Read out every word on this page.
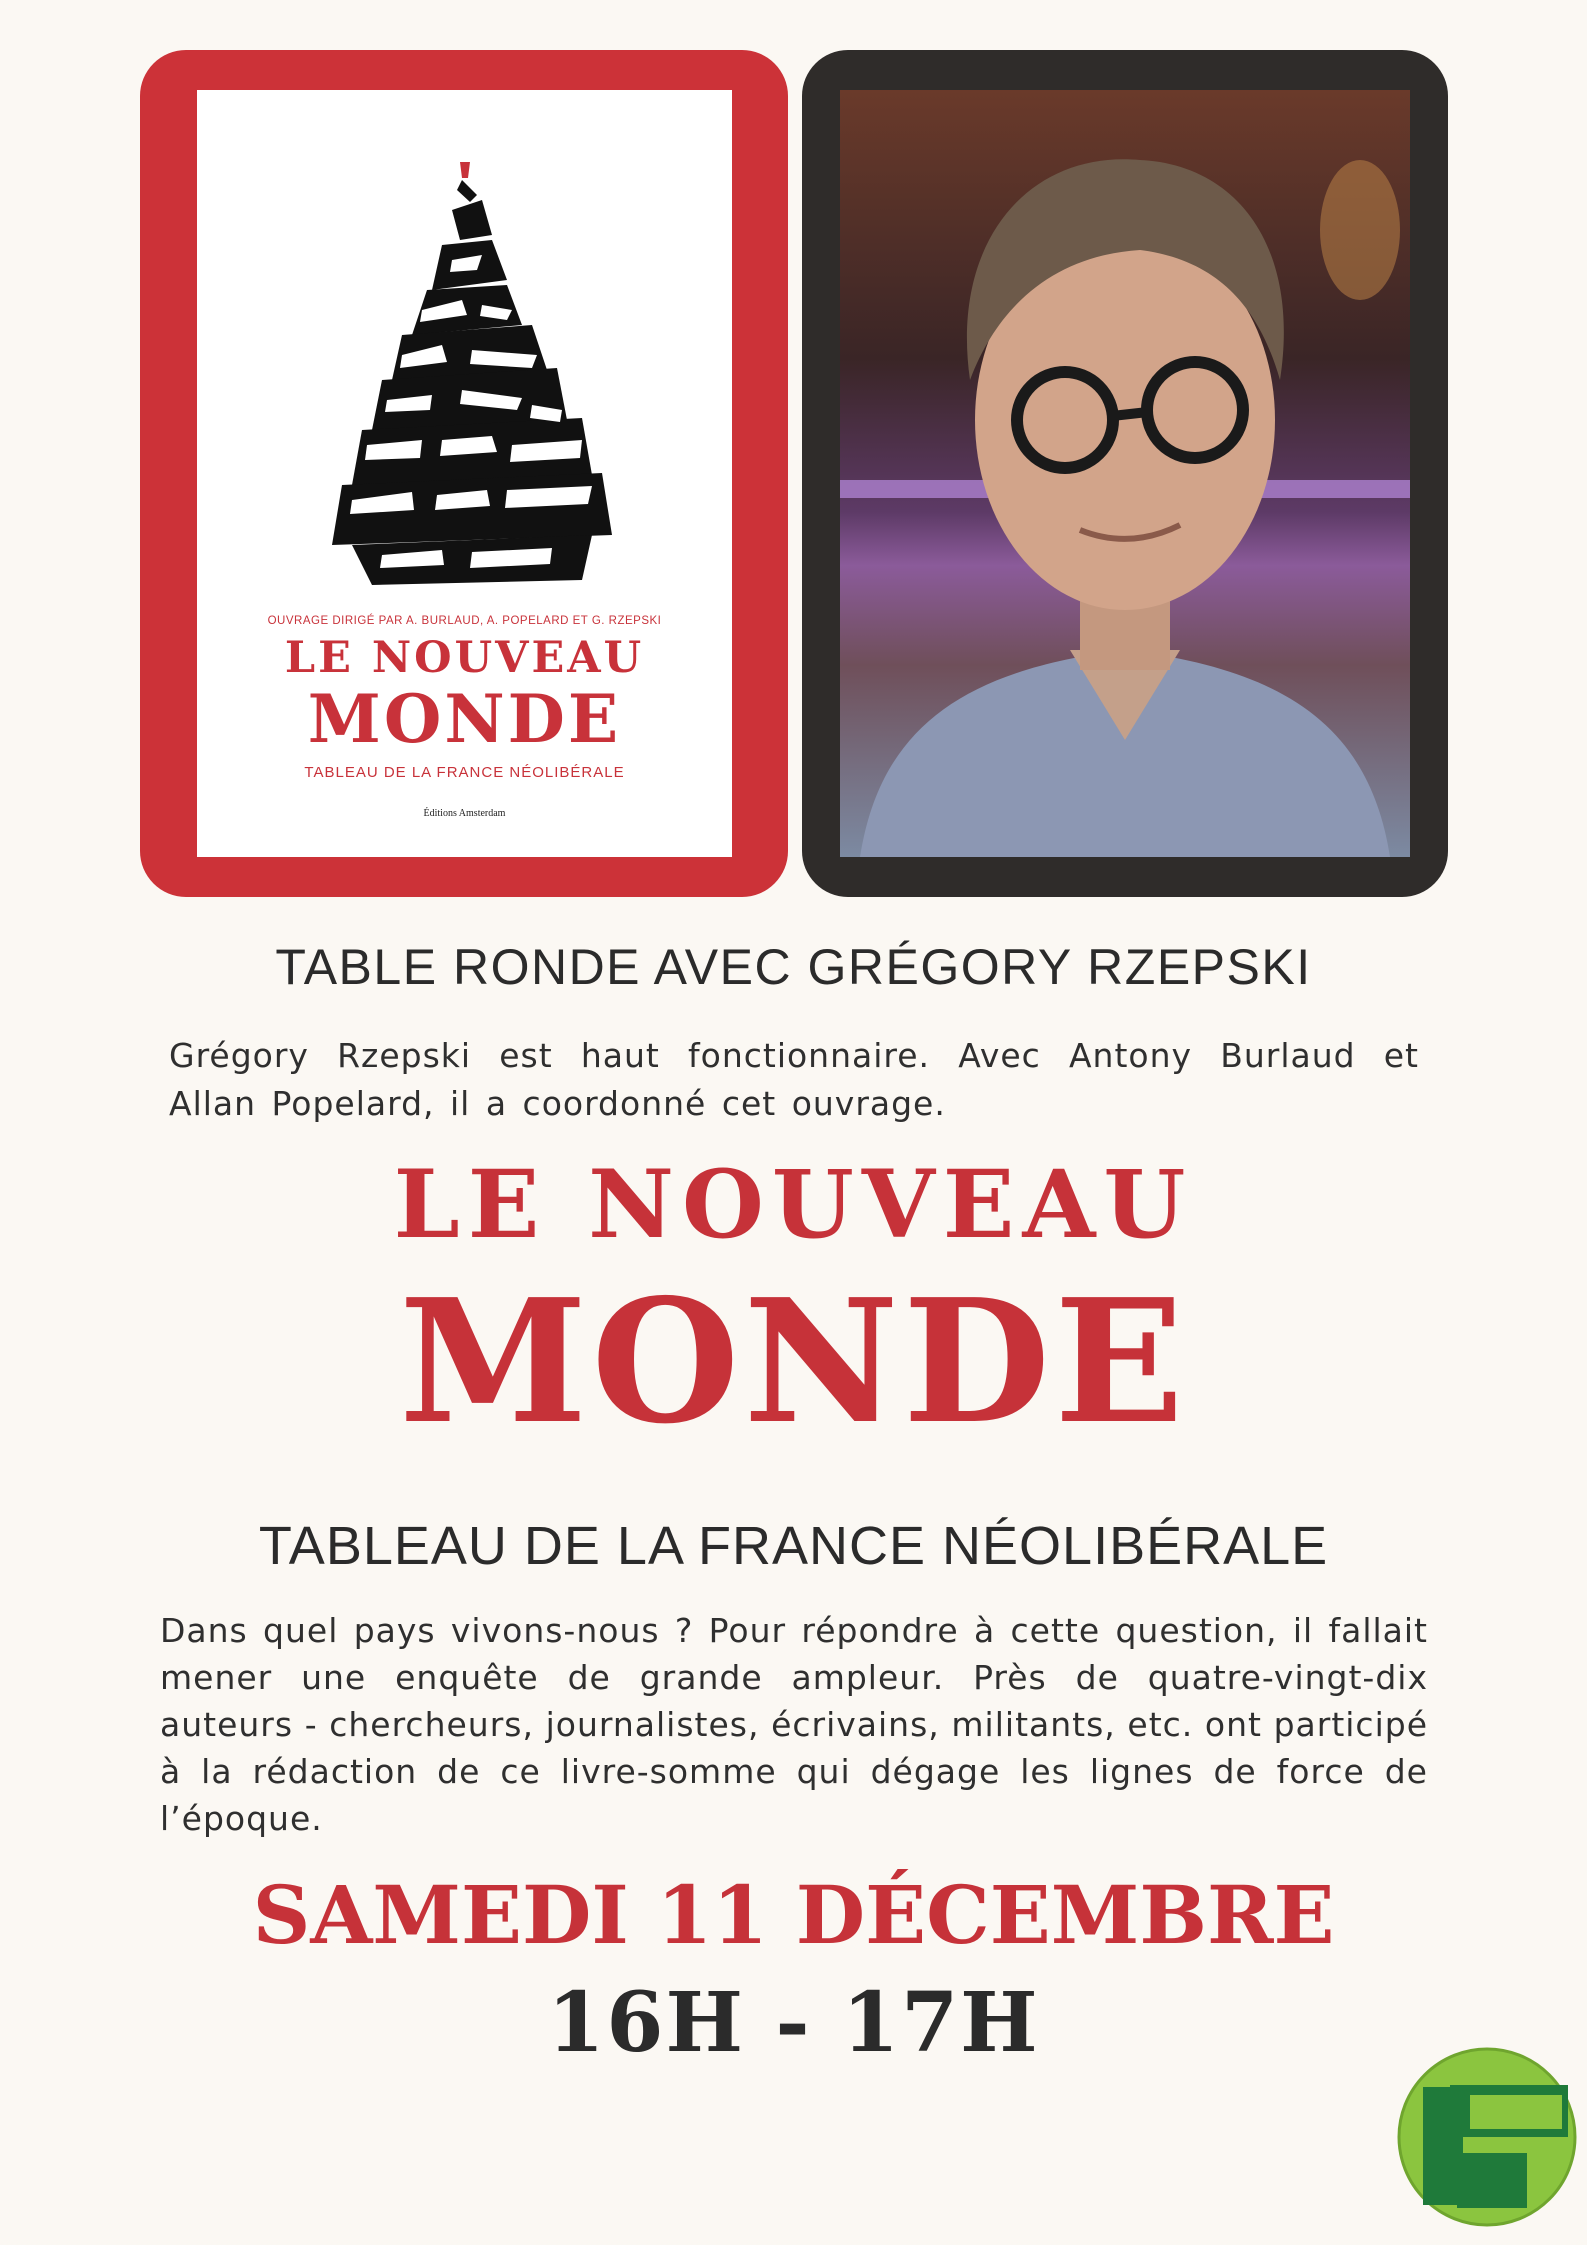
OUVRAGE DIRIGÉ PAR A. BURLAUD, A. POPELARD ET G. RZEPSKI
LE NOUVEAU
MONDE
TABLEAU DE LA FRANCE NÉOLIBÉRALE
Éditions Amsterdam
TABLE RONDE AVEC GRÉGORY RZEPSKI
Grégory Rzepski est haut fonctionnaire. Avec Antony Burlaud et Allan Popelard, il a coordonné cet ouvrage.
LE NOUVEAU
MONDE
TABLEAU DE LA FRANCE NÉOLIBÉRALE
Dans quel pays vivons-nous ? Pour répondre à cette question, il fallait mener une enquête de grande ampleur. Près de quatre-vingt-dix auteurs - chercheurs, journalistes, écrivains, militants, etc. ont participé à la rédaction de ce livre-somme qui dégage les lignes de force de l’époque.
SAMEDI 11 DÉCEMBRE
16H - 17H
